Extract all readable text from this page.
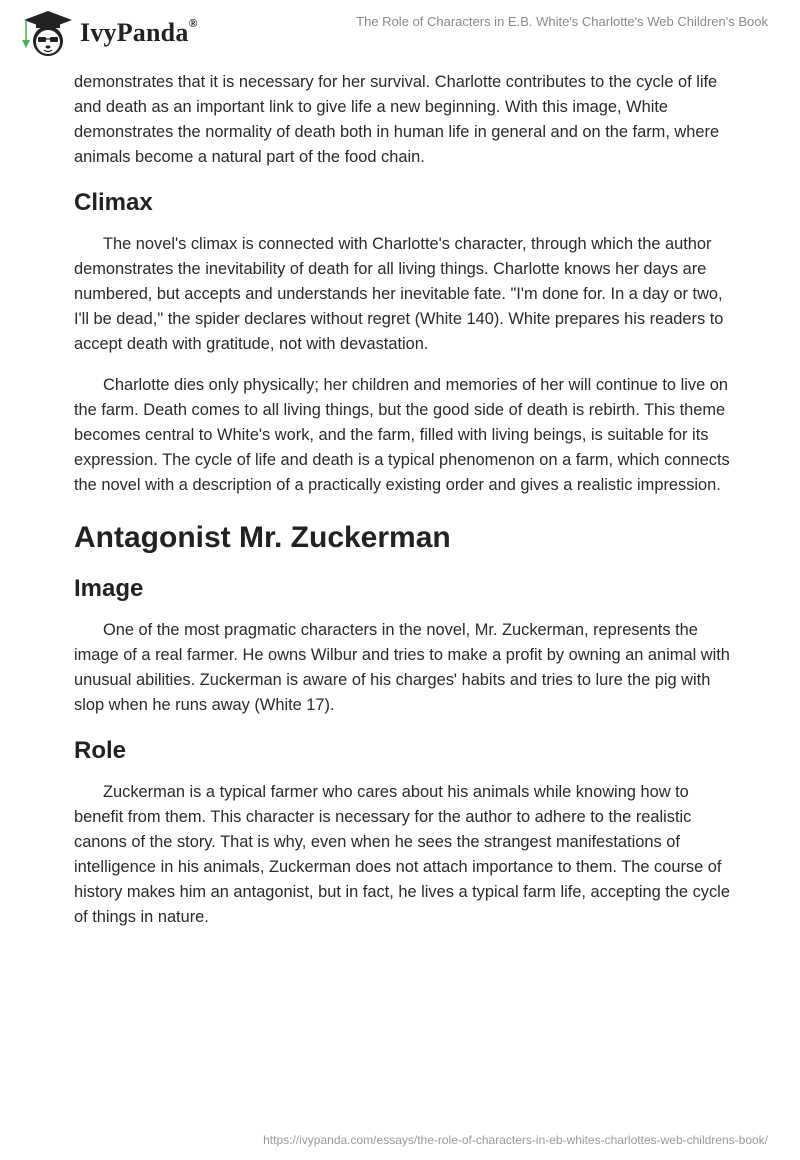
IvyPanda®	The Role of Characters in E.B. White's Charlotte's Web Children's Book

demonstrates that it is necessary for her survival. Charlotte contributes to the cycle of life and death as an important link to give life a new beginning. With this image, White demonstrates the normality of death both in human life in general and on the farm, where animals become a natural part of the food chain.

Climax

The novel's climax is connected with Charlotte's character, through which the author demonstrates the inevitability of death for all living things. Charlotte knows her days are numbered, but accepts and understands her inevitable fate. "I'm done for. In a day or two, I'll be dead," the spider declares without regret (White 140). White prepares his readers to accept death with gratitude, not with devastation.

Charlotte dies only physically; her children and memories of her will continue to live on the farm. Death comes to all living things, but the good side of death is rebirth. This theme becomes central to White's work, and the farm, filled with living beings, is suitable for its expression. The cycle of life and death is a typical phenomenon on a farm, which connects the novel with a description of a practically existing order and gives a realistic impression.

Antagonist Mr. Zuckerman
Image

One of the most pragmatic characters in the novel, Mr. Zuckerman, represents the image of a real farmer. He owns Wilbur and tries to make a profit by owning an animal with unusual abilities. Zuckerman is aware of his charges' habits and tries to lure the pig with slop when he runs away (White 17).

Role

Zuckerman is a typical farmer who cares about his animals while knowing how to benefit from them. This character is necessary for the author to adhere to the realistic canons of the story. That is why, even when he sees the strangest manifestations of intelligence in his animals, Zuckerman does not attach importance to them. The course of history makes him an antagonist, but in fact, he lives a typical farm life, accepting the cycle of things in nature.

https://ivypanda.com/essays/the-role-of-characters-in-eb-whites-charlottes-web-childrens-book/
